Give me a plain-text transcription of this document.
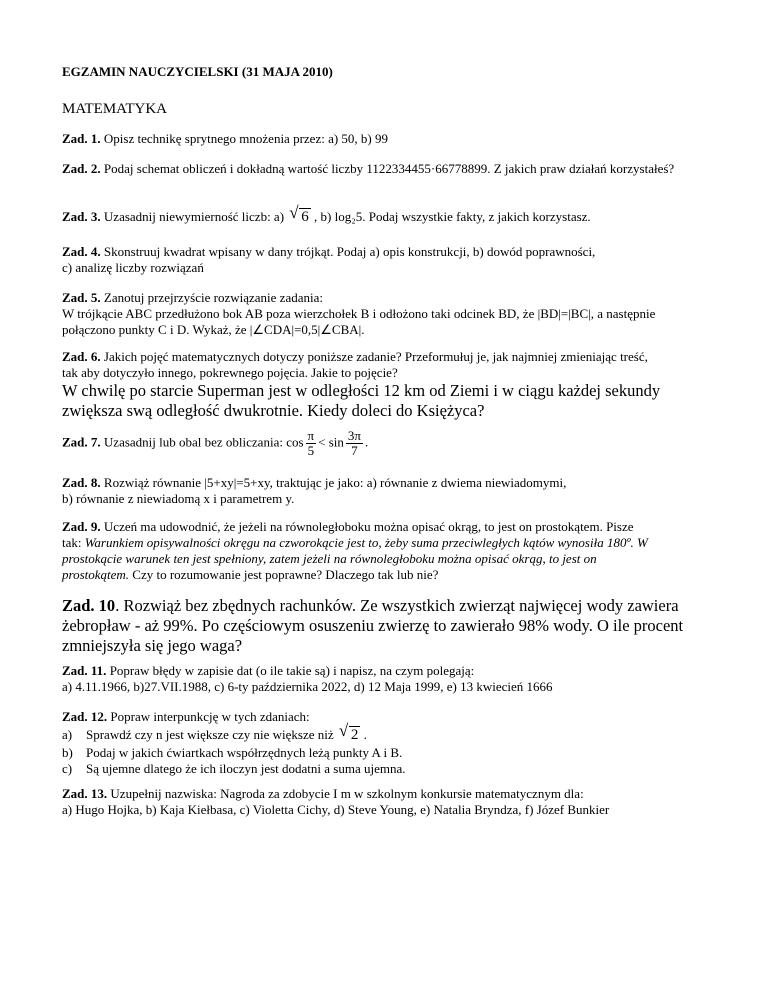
EGZAMIN NAUCZYCIELSKI (31 MAJA 2010)
MATEMATYKA
Zad. 1. Opisz technikę sprytnego mnożenia przez: a) 50, b) 99
Zad. 2. Podaj schemat obliczeń i dokładną wartość liczby 1122334455·66778899. Z jakich praw działań korzystałeś?
Zad. 3. Uzasadnij niewymierność liczb: a) √ 6 , b) log₂5. Podaj wszystkie fakty, z jakich korzystasz.
Zad. 4. Skonstruuj kwadrat wpisany w dany trójkąt. Podaj a) opis konstrukcji, b) dowód poprawności,
c) analizę liczby rozwiązań
Zad. 5. Zanotuj przejrzyście rozwiązanie zadania:
W trójkącie ABC przedłużono bok AB poza wierzchołek B i odłożono taki odcinek BD, że |BD|=|BC|, a następnie
połączono punkty C i D. Wykaż, że |∠CDA|=0,5|∠CBA|.
Zad. 6. Jakich pojęć matematycznych dotyczy poniższe zadanie? Przeformułuj je, jak najmniej zmieniając treść,
tak aby dotyczyło innego, pokrewnego pojęcia. Jakie to pojęcie?
W chwilę po starcie Superman jest w odległości 12 km od Ziemi i w ciągu każdej sekundy zwiększa swą odległość dwukrotnie. Kiedy doleci do Księżyca?
Zad. 7. Uzasadnij lub obal bez obliczania: $\cos \frac{\pi}{5} < \sin \frac{3\pi}{7}$ .
Zad. 8. Rozwiąż równanie |5+xy|=5+xy, traktując je jako: a) równanie z dwiema niewiadomymi,
b) równanie z niewiadomą x i parametrem y.
Zad. 9. Uczeń ma udowodnić, że jeżeli na równoległoboku można opisać okrąg, to jest on prostokątem. Pisze
tak: Warunkiem opisywalności okręgu na czworokącie jest to, żeby suma przeciwległych kątów wynosiła 180º. W
prostokącie warunek ten jest spełniony, zatem jeżeli na równoległoboku można opisać okrąg, to jest on
prostokątem. Czy to rozumowanie jest poprawne? Dlaczego tak lub nie?
Zad. 10. Rozwiąż bez zbędnych rachunków. Ze wszystkich zwierząt najwięcej wody zawiera żebropław - aż 99%. Po częściowym osuszeniu zwierzę to zawierało 98% wody. O ile procent zmniejszyła się jego waga?
Zad. 11. Popraw błędy w zapisie dat (o ile takie są) i napisz, na czym polegają:
a) 4.11.1966, b)27.VII.1988, c) 6-ty października 2022, d) 12 Maja 1999, e) 13 kwiecień 1666
Zad. 12. Popraw interpunkcję w tych zdaniach:
a) Sprawdź czy n jest większe czy nie większe niż √ 2 .
b) Podaj w jakich ćwiartkach współrzędnych leżą punkty A i B.
c) Są ujemne dlatego że ich iloczyn jest dodatni a suma ujemna.
Zad. 13. Uzupełnij nazwiska: Nagroda za zdobycie I m w szkolnym konkursie matematycznym dla:
a) Hugo Hojka, b) Kaja Kiełbasa, c) Violetta Cichy, d) Steve Young, e) Natalia Bryndza, f) Józef Bunkier
